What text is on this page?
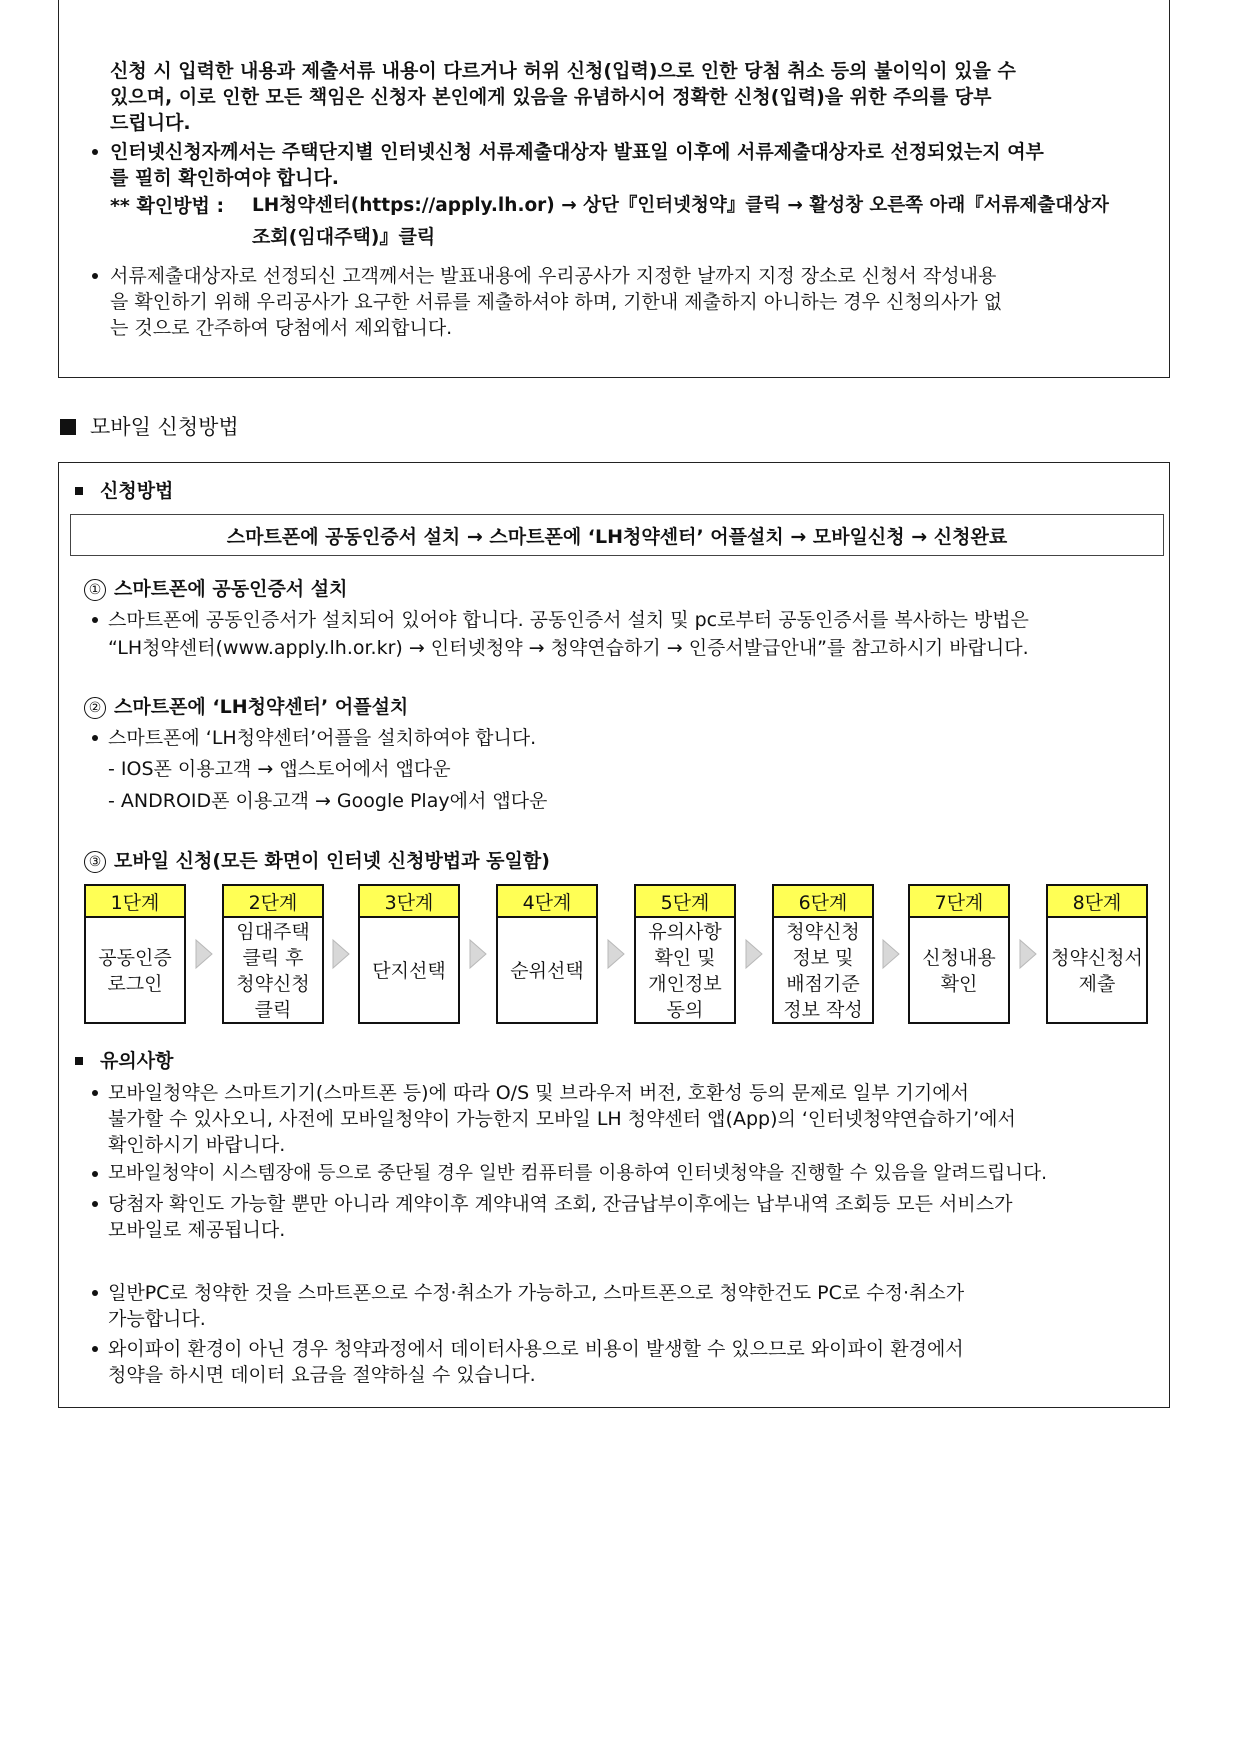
신청 시 입력한 내용과 제출서류 내용이 다르거나 허위 신청(입력)으로 인한 당첨 취소 등의 불이익이 있을 수
있으며, 이로 인한 모든 책임은 신청자 본인에게 있음을 유념하시어 정확한 신청(입력)을 위한 주의를 당부
드립니다.
인터넷신청자께서는 주택단지별 인터넷신청 서류제출대상자 발표일 이후에 서류제출대상자로 선정되었는지 여부
를 필히 확인하여야 합니다.
** 확인방법 : LH청약센터(https://apply.lh.or) → 상단『인터넷청약』클릭 → 활성창 오른쪽 아래『서류제출대상자
조회(임대주택)』클릭
서류제출대상자로 선정되신 고객께서는 발표내용에 우리공사가 지정한 날까지 지정 장소로 신청서 작성내용
을 확인하기 위해 우리공사가 요구한 서류를 제출하셔야 하며, 기한내 제출하지 아니하는 경우 신청의사가 없
는 것으로 간주하여 당첨에서 제외합니다.
모바일 신청방법
신청방법
스마트폰에 공동인증서 설치 → 스마트폰에 ‘LH청약센터’ 어플설치 → 모바일신청 → 신청완료
① 스마트폰에 공동인증서 설치
스마트폰에 공동인증서가 설치되어 있어야 합니다. 공동인증서 설치 및 pc로부터 공동인증서를 복사하는 방법은
“LH청약센터(www.apply.lh.or.kr) → 인터넷청약 → 청약연습하기 → 인증서발급안내”를 참고하시기 바랍니다.
② 스마트폰에 ‘LH청약센터’ 어플설치
스마트폰에 ‘LH청약센터’어플을 설치하여야 합니다.
- IOS폰 이용고객 → 앱스토어에서 앱다운
- ANDROID폰 이용고객 → Google Play에서 앱다운
③ 모바일 신청(모든 화면이 인터넷 신청방법과 동일함)
1단계
공동인증
로그인
2단계
임대주택
클릭 후
청약신청
클릭
3단계
단지선택
4단계
순위선택
5단계
유의사항
확인 및
개인정보
동의
6단계
청약신청
정보 및
배점기준
정보 작성
7단계
신청내용
확인
8단계
청약신청서
제출
유의사항
모바일청약은 스마트기기(스마트폰 등)에 따라 O/S 및 브라우저 버전, 호환성 등의 문제로 일부 기기에서
불가할 수 있사오니, 사전에 모바일청약이 가능한지 모바일 LH 청약센터 앱(App)의 ‘인터넷청약연습하기’에서
확인하시기 바랍니다.
모바일청약이 시스템장애 등으로 중단될 경우 일반 컴퓨터를 이용하여 인터넷청약을 진행할 수 있음을 알려드립니다.
당첨자 확인도 가능할 뿐만 아니라 계약이후 계약내역 조회, 잔금납부이후에는 납부내역 조회등 모든 서비스가
모바일로 제공됩니다.
일반PC로 청약한 것을 스마트폰으로 수정·취소가 가능하고, 스마트폰으로 청약한건도 PC로 수정·취소가
가능합니다.
와이파이 환경이 아닌 경우 청약과정에서 데이터사용으로 비용이 발생할 수 있으므로 와이파이 환경에서
청약을 하시면 데이터 요금을 절약하실 수 있습니다.
